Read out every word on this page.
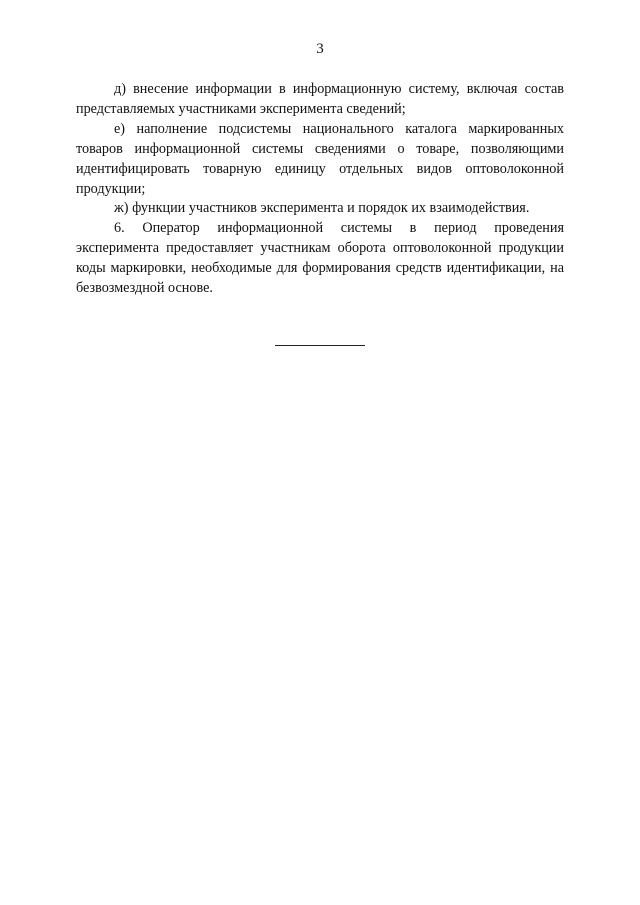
3

д) внесение информации в информационную систему, включая состав представляемых участниками эксперимента сведений;

е) наполнение подсистемы национального каталога маркированных товаров информационной системы сведениями о товаре, позволяющими идентифицировать товарную единицу отдельных видов оптоволоконной продукции;

ж) функции участников эксперимента и порядок их взаимодействия.

6. Оператор информационной системы в период проведения эксперимента предоставляет участникам оборота оптоволоконной продукции коды маркировки, необходимые для формирования средств идентификации, на безвозмездной основе.
